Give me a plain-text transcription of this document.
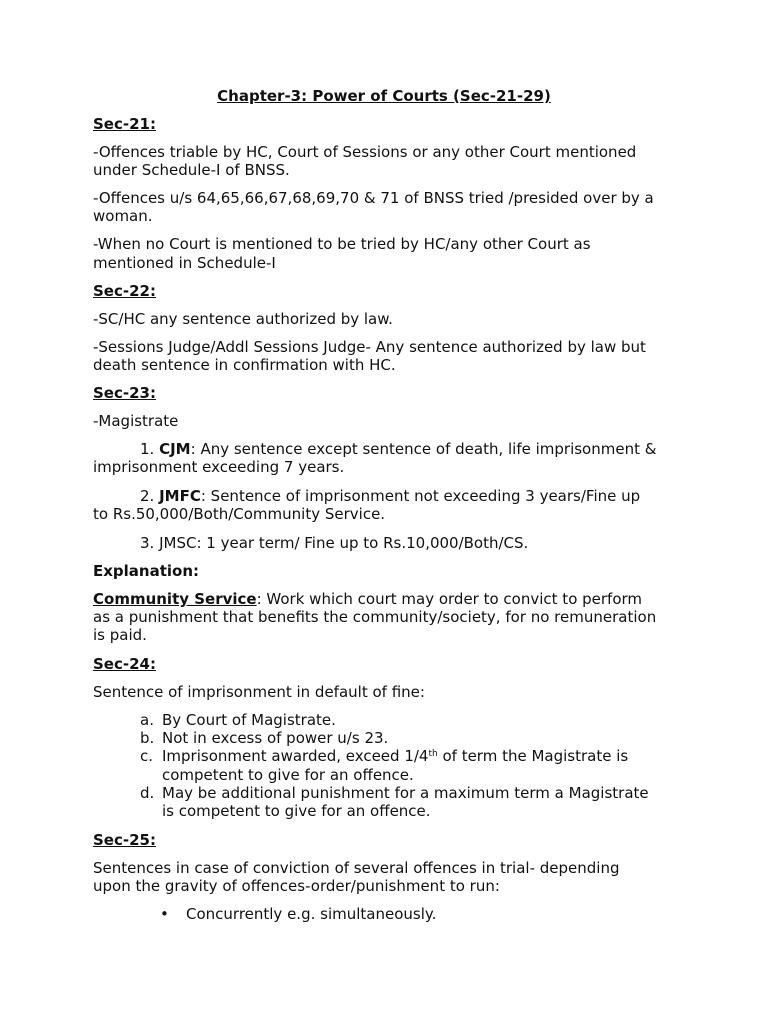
Chapter-3: Power of Courts (Sec-21-29)
Sec-21:
-Offences triable by HC, Court of Sessions or any other Court mentioned
under Schedule-I of BNSS.
-Offences u/s 64,65,66,67,68,69,70 & 71 of BNSS tried /presided over by a
woman.
-When no Court is mentioned to be tried by HC/any other Court as
mentioned in Schedule-I
Sec-22:
-SC/HC any sentence authorized by law.
-Sessions Judge/Addl Sessions Judge- Any sentence authorized by law but
death sentence in confirmation with HC.
Sec-23:
-Magistrate
1. CJM: Any sentence except sentence of death, life imprisonment &
imprisonment exceeding 7 years.
2. JMFC: Sentence of imprisonment not exceeding 3 years/Fine up
to Rs.50,000/Both/Community Service.
3. JMSC: 1 year term/ Fine up to Rs.10,000/Both/CS.
Explanation:
Community Service: Work which court may order to convict to perform
as a punishment that benefits the community/society, for no remuneration
is paid.
Sec-24:
Sentence of imprisonment in default of fine:
a. By Court of Magistrate.
b. Not in excess of power u/s 23.
c. Imprisonment awarded, exceed 1/4th of term the Magistrate is
competent to give for an offence.
d. May be additional punishment for a maximum term a Magistrate
is competent to give for an offence.
Sec-25:
Sentences in case of conviction of several offences in trial- depending
upon the gravity of offences-order/punishment to run:
• Concurrently e.g. simultaneously.
